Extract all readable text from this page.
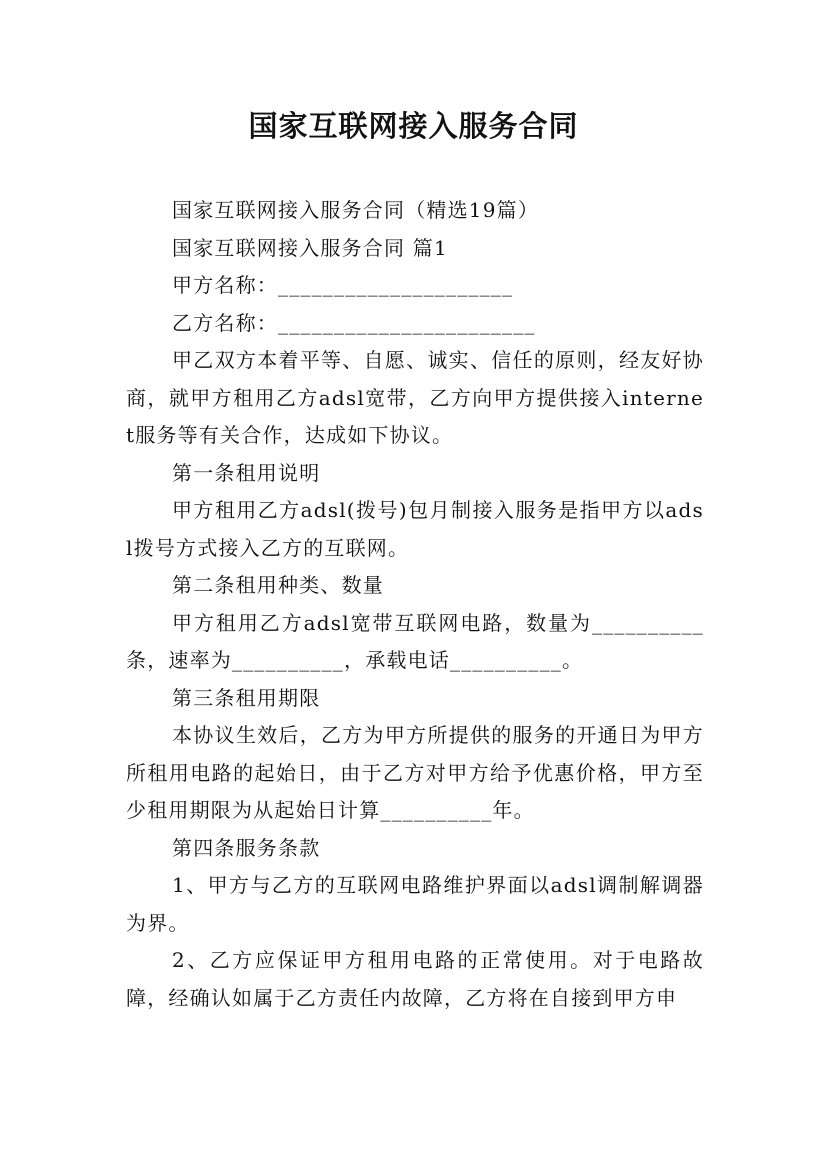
国家互联网接入服务合同

国家互联网接入服务合同（精选19篇）

国家互联网接入服务合同 篇1

甲方名称：_____________________

乙方名称：_______________________

甲乙双方本着平等、自愿、诚实、信任的原则，经友好协商，就甲方租用乙方adsl宽带，乙方向甲方提供接入internet服务等有关合作，达成如下协议。

第一条租用说明

甲方租用乙方adsl(拨号)包月制接入服务是指甲方以adsl拨号方式接入乙方的互联网。

第二条租用种类、数量

甲方租用乙方adsl宽带互联网电路，数量为__________条，速率为__________，承载电话__________。

第三条租用期限

本协议生效后，乙方为甲方所提供的服务的开通日为甲方所租用电路的起始日，由于乙方对甲方给予优惠价格，甲方至少租用期限为从起始日计算__________年。

第四条服务条款

1、甲方与乙方的互联网电路维护界面以adsl调制解调器为界。

2、乙方应保证甲方租用电路的正常使用。对于电路故障，经确认如属于乙方责任内故障，乙方将在自接到甲方申
